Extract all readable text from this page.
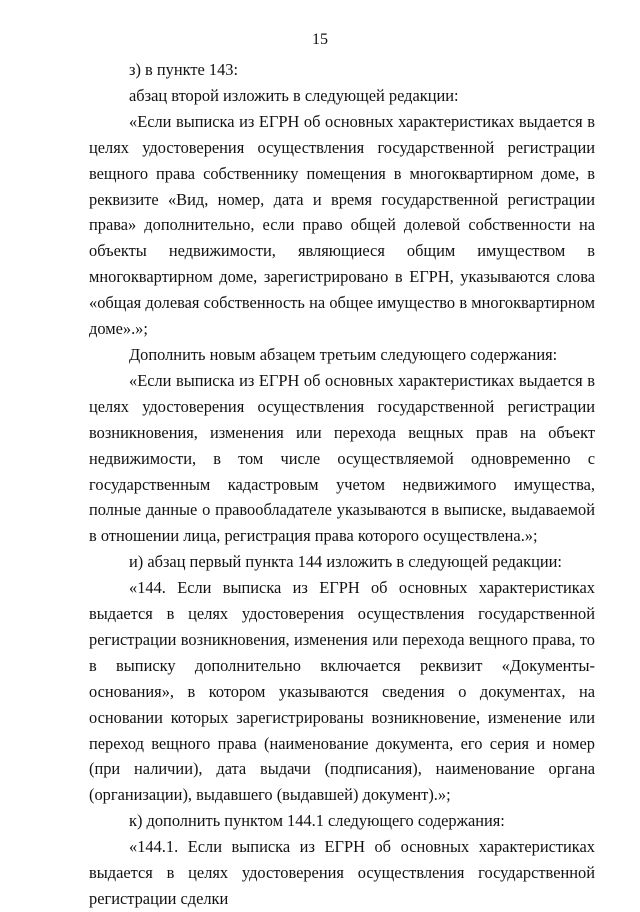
15

з) в пункте 143:

абзац второй изложить в следующей редакции:

«Если выписка из ЕГРН об основных характеристиках выдается в целях удостоверения осуществления государственной регистрации вещного права собственнику помещения в многоквартирном доме, в реквизите «Вид, номер, дата и время государственной регистрации права» дополнительно, если право общей долевой собственности на объекты недвижимости, являющиеся общим имуществом в многоквартирном доме, зарегистрировано в ЕГРН, указываются слова «общая долевая собственность на общее имущество в многоквартирном доме».»;

Дополнить новым абзацем третьим следующего содержания:

«Если выписка из ЕГРН об основных характеристиках выдается в целях удостоверения осуществления государственной регистрации возникновения, изменения или перехода вещных прав на объект недвижимости, в том числе осуществляемой одновременно с государственным кадастровым учетом недвижимого имущества, полные данные о правообладателе указываются в выписке, выдаваемой в отношении лица, регистрация права которого осуществлена.»;

и) абзац первый пункта 144 изложить в следующей редакции:

«144. Если выписка из ЕГРН об основных характеристиках выдается в целях удостоверения осуществления государственной регистрации возникновения, изменения или перехода вещного права, то в выписку дополнительно включается реквизит «Документы-основания», в котором указываются сведения о документах, на основании которых зарегистрированы возникновение, изменение или переход вещного права (наименование документа, его серия и номер (при наличии), дата выдачи (подписания), наименование органа (организации), выдавшего (выдавшей) документ).»;

к) дополнить пунктом 144.1 следующего содержания:

«144.1. Если выписка из ЕГРН об основных характеристиках выдается в целях удостоверения осуществления государственной регистрации сделки
